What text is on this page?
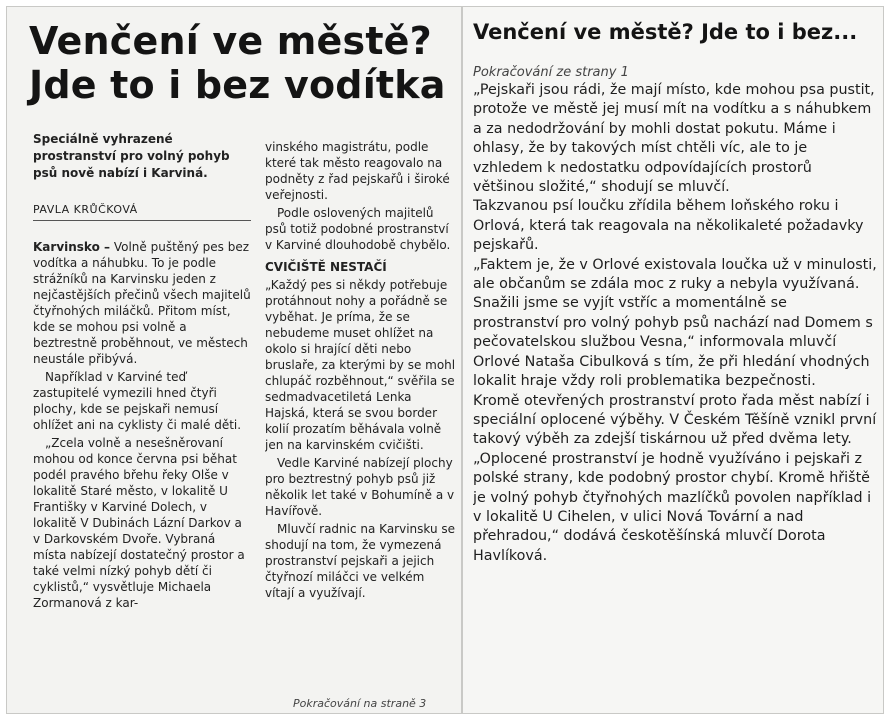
Venčení ve městě?
Jde to i bez vodítka
Speciálně vyhrazené prostranství pro volný pohyb psů nově nabízí i Karviná.
PAVLA KRŮČKOVÁ

Karvinsko – Volně puštěný pes bez vodítka a náhubku. To je podle strážníků na Karvinsku jeden z nejčastějších přečinů všech majitelů čtyřnohých miláčků. Přitom míst, kde se mohou psi volně a beztrestně proběhnout, ve městech neustále přibývá.

Například v Karviné teď zastupitelé vymezili hned čtyři plochy, kde se pejskaři nemusí ohlížet ani na cyklisty či malé děti.

„Zcela volně a nesešněrovaní mohou od konce června psi běhat podél pravého břehu řeky Olše v lokalitě Staré město, v lokalitě U Františky v Karviné Dolech, v lokalitě V Dubinách Lázní Darkov a v Darkovském Dvoře. Vybraná místa nabízejí dostatečný prostor a také velmi nízký pohyb dětí či cyklistů,“ vysvětluje Michaela Zormanová z kar-

vinského magistrátu, podle které tak město reagovalo na podněty z řad pejskařů i široké veřejnosti.

Podle oslovených majitelů psů totiž podobné prostranství v Karviné dlouhodobě chybělo.

CVIČIŠTĚ NESTAČÍ

„Každý pes si někdy potřebuje protáhnout nohy a pořádně se vyběhat. Je príma, že se nebudeme muset ohlížet na okolo si hrající děti nebo bruslaře, za kterými by se mohl chlupáč rozběhnout,“ svěřila se sedmadvacetiletá Lenka Hajská, která se svou border kolií prozatím běhávala volně jen na karvinském cvičišti.

Vedle Karviné nabízejí plochy pro beztrestný pohyb psů již několik let také v Bohumíně a v Havířově.

Mluvčí radnic na Karvinsku se shodují na tom, že vymezená prostranství pejskaři a jejich čtyřnozí miláčci ve velkém vítají a využívají.

Pokračování na straně 3
Venčení ve městě? Jde to i bez...
Pokračování ze strany 1

„Pejskaři jsou rádi, že mají místo, kde mohou psa pustit, protože ve městě jej musí mít na vodítku a s náhubkem a za nedodržování by mohli dostat pokutu. Máme i ohlasy, že by takových míst chtěli víc, ale to je vzhledem k nedostatku odpovídajících prostorů většinou složité,“ shodují se mluvčí.

Takzvanou psí loučku zřídila během loňského roku i Orlová, která tak reagovala na několikaleté požadavky pejskařů.

„Faktem je, že v Orlové existovala loučka už v minulosti, ale občanům se zdála moc z ruky a nebyla využívaná. Snažili jsme se vyjít vstříc a momentálně se prostranství pro volný pohyb psů nachází nad Domem s pečovatelskou službou Vesna,“ informovala mluvčí Orlové Nataša Cibulková s tím, že při hledání vhodných lokalit hraje vždy roli problematika bezpečnosti.

Kromě otevřených prostranství proto řada měst nabízí i speciální oplocené výběhy. V Českém Těšíně vznikl první takový výběh za zdejší tiskárnou už před dvěma lety.

„Oplocené prostranství je hodně využíváno i pejskaři z polské strany, kde podobný prostor chybí. Kromě hřiště je volný pohyb čtyřnohých mazlíčků povolen například i v lokalitě U Cihelen, v ulici Nová Tovární a nad přehradou,“ dodává českotěšínská mluvčí Dorota Havlíková.
